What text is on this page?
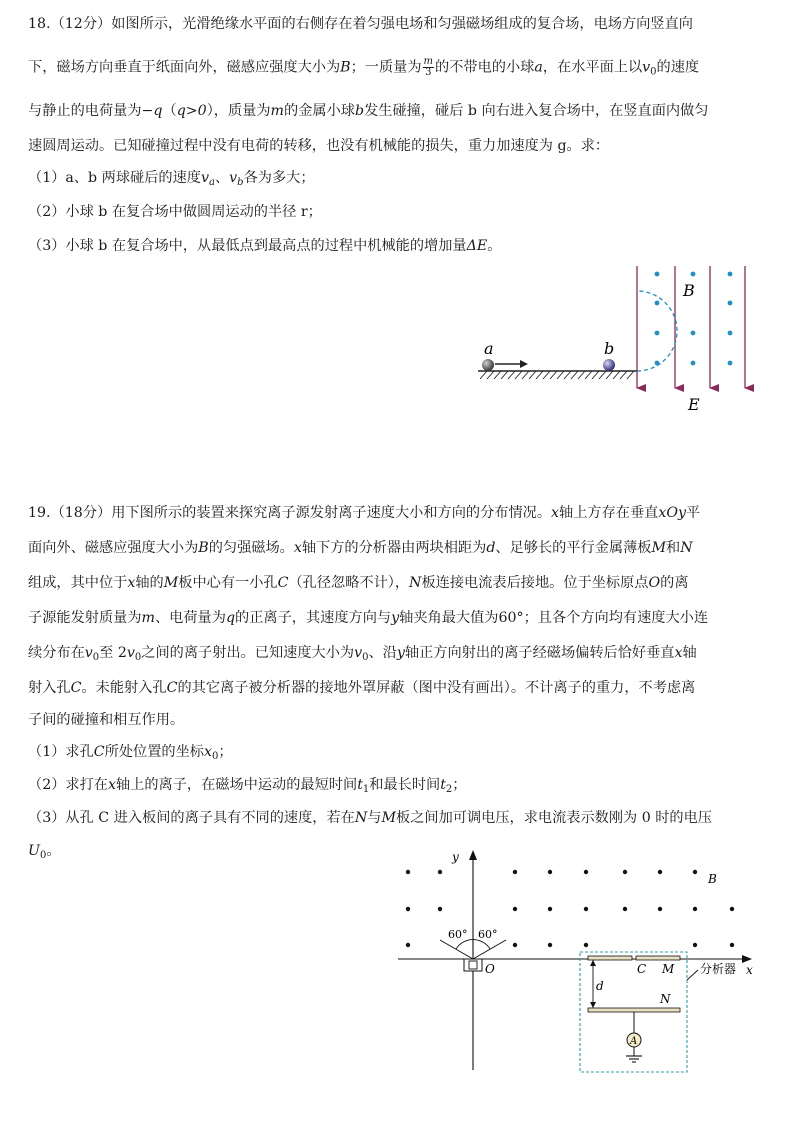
18.（12分）如图所示，光滑绝缘水平面的右侧存在着匀强电场和匀强磁场组成的复合场，电场方向竖直向
下，磁场方向垂直于纸面向外，磁感应强度大小为B；一质量为 $\frac{m}{3}$ 的不带电的小球a，在水平面上以$v_0$的速度
与静止的电荷量为−q（q>0），质量为m的金属小球b发生碰撞，碰后 b 向右进入复合场中，在竖直面内做匀
速圆周运动。已知碰撞过程中没有电荷的转移，也没有机械能的损失，重力加速度为 g。求：
（1）a、b 两球碰后的速度$v_a$、$v_b$各为多大；
（2）小球 b 在复合场中做圆周运动的半径 r；
（3）小球 b 在复合场中，从最低点到最高点的过程中机械能的增加量ΔE。
a	b
B
E
19.（18分）用下图所示的装置来探究离子源发射离子速度大小和方向的分布情况。x轴上方存在垂直xOy平
面向外、磁感应强度大小为B的匀强磁场。x轴下方的分析器由两块相距为d、足够长的平行金属薄板M和N
组成，其中位于x轴的M板中心有一小孔C（孔径忽略不计），N板连接电流表后接地。位于坐标原点O的离
子源能发射质量为m、电荷量为q的正离子，其速度方向与y轴夹角最大值为60°；且各个方向均有速度大小连
续分布在$v_0$至 $2v_0$之间的离子射出。已知速度大小为$v_0$、沿y轴正方向射出的离子经磁场偏转后恰好垂直x轴
射入孔C。未能射入孔C的其它离子被分析器的接地外罩屏蔽（图中没有画出）。不计离子的重力，不考虑离
子间的碰撞和相互作用。
（1）求孔C所处位置的坐标$x_0$；
（2）求打在x轴上的离子，在磁场中运动的最短时间$t_1$和最长时间$t_2$；
（3）从孔 C 进入板间的离子具有不同的速度，若在N与M板之间加可调电压，求电流表示数刚为 0 时的电压
$U_0$。
B
y
x
60° 60°
O	C M
d
N
A
分析器
